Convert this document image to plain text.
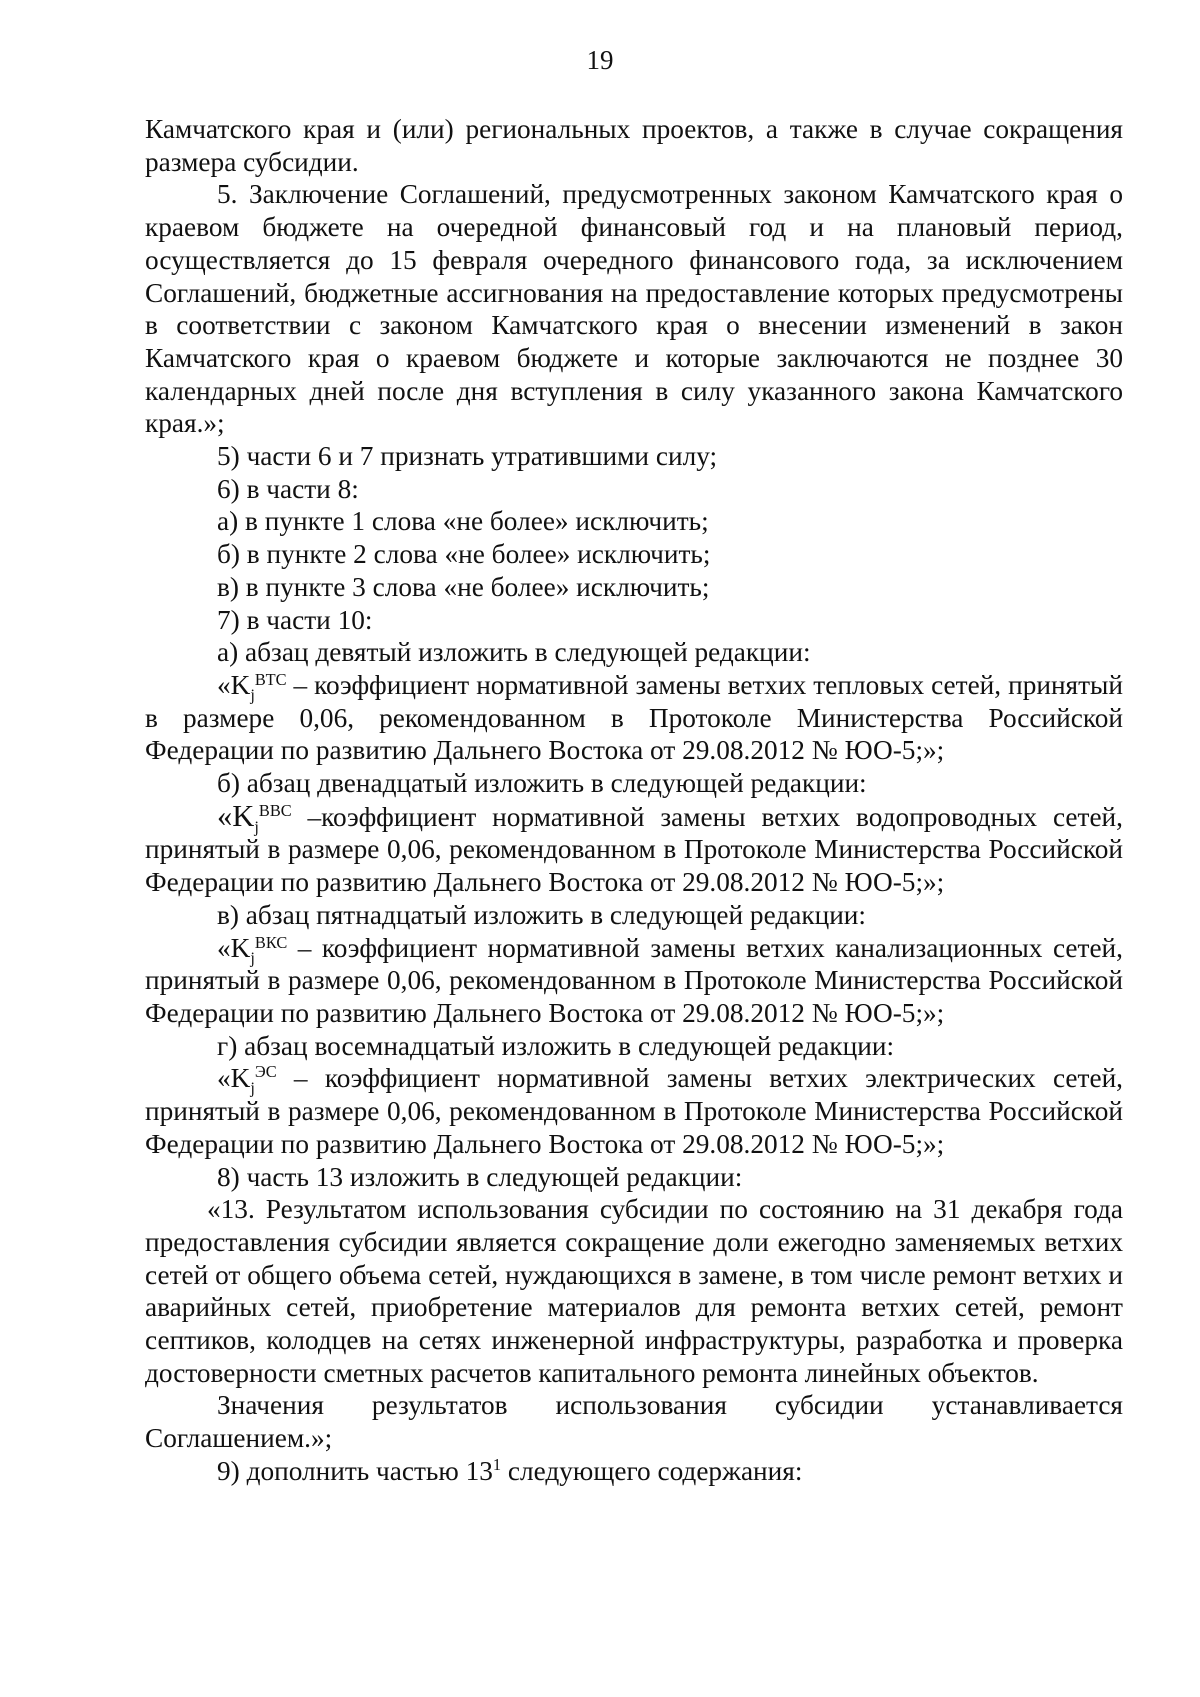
19

Камчатского края и (или) региональных проектов, а также в случае сокращения размера субсидии.

5. Заключение Соглашений, предусмотренных законом Камчатского края о краевом бюджете на очередной финансовый год и на плановый период, осуществляется до 15 февраля очередного финансового года, за исключением Соглашений, бюджетные ассигнования на предоставление которых предусмотрены в соответствии с законом Камчатского края о внесении изменений в закон Камчатского края о краевом бюджете и которые заключаются не позднее 30 календарных дней после дня вступления в силу указанного закона Камчатского края.»;

5) части 6 и 7 признать утратившими силу;

6) в части 8:

а) в пункте 1 слова «не более» исключить;

б) в пункте 2 слова «не более» исключить;

в) в пункте 3 слова «не более» исключить;

7) в части 10:

а) абзац девятый изложить в следующей редакции:

«$K_j^{ВТС}$ – коэффициент нормативной замены ветхих тепловых сетей, принятый в размере 0,06, рекомендованном в Протоколе Министерства Российской Федерации по развитию Дальнего Востока от 29.08.2012 № ЮО-5;»;

б) абзац двенадцатый изложить в следующей редакции:

«$K_j^{ВВС}$ –коэффициент нормативной замены ветхих водопроводных сетей, принятый в размере 0,06, рекомендованном в Протоколе Министерства Российской Федерации по развитию Дальнего Востока от 29.08.2012 № ЮО-5;»;

в) абзац пятнадцатый изложить в следующей редакции:

«$K_j^{ВКС}$ – коэффициент нормативной замены ветхих канализационных сетей, принятый в размере 0,06, рекомендованном в Протоколе Министерства Российской Федерации по развитию Дальнего Востока от 29.08.2012 № ЮО-5;»;

г) абзац восемнадцатый изложить в следующей редакции:

«$K_j^{ЭС}$ – коэффициент нормативной замены ветхих электрических сетей, принятый в размере 0,06, рекомендованном в Протоколе Министерства Российской Федерации по развитию Дальнего Востока от 29.08.2012 № ЮО-5;»;

8) часть 13 изложить в следующей редакции:

«13. Результатом использования субсидии по состоянию на 31 декабря года предоставления субсидии является сокращение доли ежегодно заменяемых ветхих сетей от общего объема сетей, нуждающихся в замене, в том числе ремонт ветхих и аварийных сетей, приобретение материалов для ремонта ветхих сетей, ремонт септиков, колодцев на сетях инженерной инфраструктуры, разработка и проверка достоверности сметных расчетов капитального ремонта линейных объектов.

Значения результатов использования субсидии устанавливается Соглашением.»;

9) дополнить частью $13^1$ следующего содержания:
